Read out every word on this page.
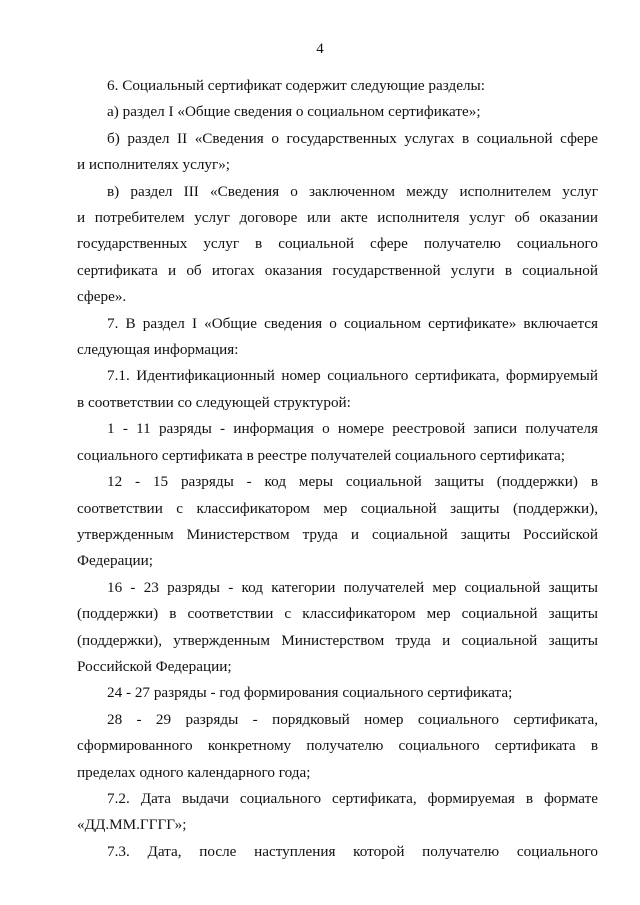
4
6. Социальный сертификат содержит следующие разделы:
а) раздел I «Общие сведения о социальном сертификате»;
б) раздел II «Сведения о государственных услугах в социальной сфере
и исполнителях услуг»;
в) раздел III «Сведения о заключенном между исполнителем услуг
и потребителем услуг договоре или акте исполнителя услуг об оказании
государственных услуг в социальной сфере получателю социального
сертификата и об итогах оказания государственной услуги в социальной
сфере».
7. В раздел I «Общие сведения о социальном сертификате» включается
следующая информация:
7.1. Идентификационный номер социального сертификата, формируемый
в соответствии со следующей структурой:
1 - 11 разряды - информация о номере реестровой записи получателя
социального сертификата в реестре получателей социального сертификата;
12 - 15 разряды - код меры социальной защиты (поддержки) в
соответствии с классификатором мер социальной защиты (поддержки),
утвержденным Министерством труда и социальной защиты Российской
Федерации;
16 - 23 разряды - код категории получателей мер социальной защиты
(поддержки) в соответствии с классификатором мер социальной защиты
(поддержки), утвержденным Министерством труда и социальной защиты
Российской Федерации;
24 - 27 разряды - год формирования социального сертификата;
28 - 29 разряды - порядковый номер социального сертификата,
сформированного конкретному получателю социального сертификата в
пределах одного календарного года;
7.2. Дата выдачи социального сертификата, формируемая в формате
«ДД.ММ.ГГГГ»;
7.3. Дата, после наступления которой получателю социального
